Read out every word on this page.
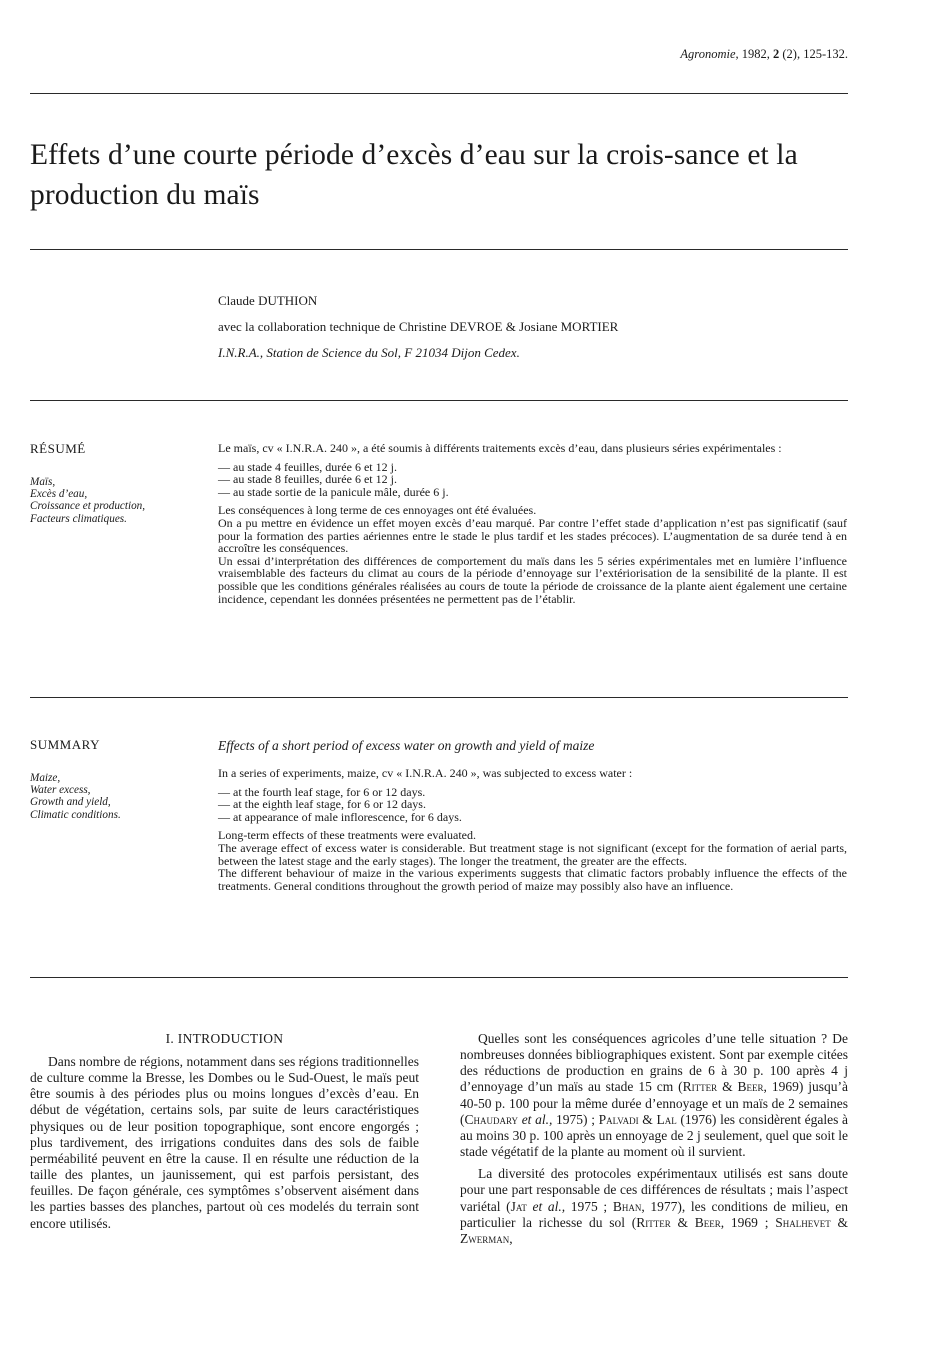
Agronomie, 1982, 2 (2), 125-132.
Effets d’une courte période d’excès d’eau sur la crois-sance et la production du maïs
Claude DUTHION
avec la collaboration technique de Christine DEVROE & Josiane MORTIER
I.N.R.A., Station de Science du Sol, F 21034 Dijon Cedex.
RÉSUMÉ
Maïs,
Excès d’eau,
Croissance et production,
Facteurs climatiques.

Le maïs, cv « I.N.R.A. 240 », a été soumis à différents traitements excès d’eau, dans plusieurs séries expérimentales :

— au stade 4 feuilles, durée 6 et 12 j.

— au stade 8 feuilles, durée 6 et 12 j.

— au stade sortie de la panicule mâle, durée 6 j.

Les conséquences à long terme de ces ennoyages ont été évaluées.

On a pu mettre en évidence un effet moyen excès d’eau marqué. Par contre l’effet stade d’application n’est pas significatif (sauf pour la formation des parties aériennes entre le stade le plus tardif et les stades précoces). L’augmentation de sa durée tend à en accroître les conséquences.

Un essai d’interprétation des différences de comportement du maïs dans les 5 séries expérimentales met en lumière l’influence vraisemblable des facteurs du climat au cours de la période d’ennoyage sur l’extériorisation de la sensibilité de la plante. Il est possible que les conditions générales réalisées au cours de toute la période de croissance de la plante aient également une certaine incidence, cependant les données présentées ne permettent pas de l’établir.

SUMMARY
Maize,
Water excess,
Growth and yield,
Climatic conditions.
Effects of a short period of excess water on growth and yield of maize

In a series of experiments, maize, cv « I.N.R.A. 240 », was subjected to excess water :

— at the fourth leaf stage, for 6 or 12 days.

— at the eighth leaf stage, for 6 or 12 days.

— at appearance of male inflorescence, for 6 days.

Long-term effects of these treatments were evaluated.

The average effect of excess water is considerable. But treatment stage is not significant (except for the formation of aerial parts, between the latest stage and the early stages). The longer the treatment, the greater are the effects.

The different behaviour of maize in the various experiments suggests that climatic factors probably influence the effects of the treatments. General conditions throughout the growth period of maize may possibly also have an influence.

I. INTRODUCTION

Dans nombre de régions, notamment dans ses régions traditionnelles de culture comme la Bresse, les Dombes ou le Sud-Ouest, le maïs peut être soumis à des périodes plus ou moins longues d’excès d’eau. En début de végétation, certains sols, par suite de leurs caractéristiques physiques ou de leur position topographique, sont encore engorgés ; plus tardivement, des irrigations conduites dans des sols de faible perméabilité peuvent en être la cause. Il en résulte une réduction de la taille des plantes, un jaunissement, qui est parfois persistant, des feuilles. De façon générale, ces symptômes s’observent aisément dans les parties basses des planches, partout où ces modelés du terrain sont encore utilisés.

Quelles sont les conséquences agricoles d’une telle situation ? De nombreuses données bibliographiques existent. Sont par exemple citées des réductions de production en grains de 6 à 30 p. 100 après 4 j d’ennoyage d’un maïs au stade 15 cm (Ritter & Beer, 1969) jusqu’à 40-50 p. 100 pour la même durée d’ennoyage et un maïs de 2 semaines (Chaudary et al., 1975) ; Palvadi & Lal (1976) les considèrent égales à au moins 30 p. 100 après un ennoyage de 2 j seulement, quel que soit le stade végétatif de la plante au moment où il survient.

La diversité des protocoles expérimentaux utilisés est sans doute pour une part responsable de ces différences de résultats ; mais l’aspect variétal (Jat et al., 1975 ; Bhan, 1977), les conditions de milieu, en particulier la richesse du sol (Ritter & Beer, 1969 ; Shalhevet & Zwerman,
